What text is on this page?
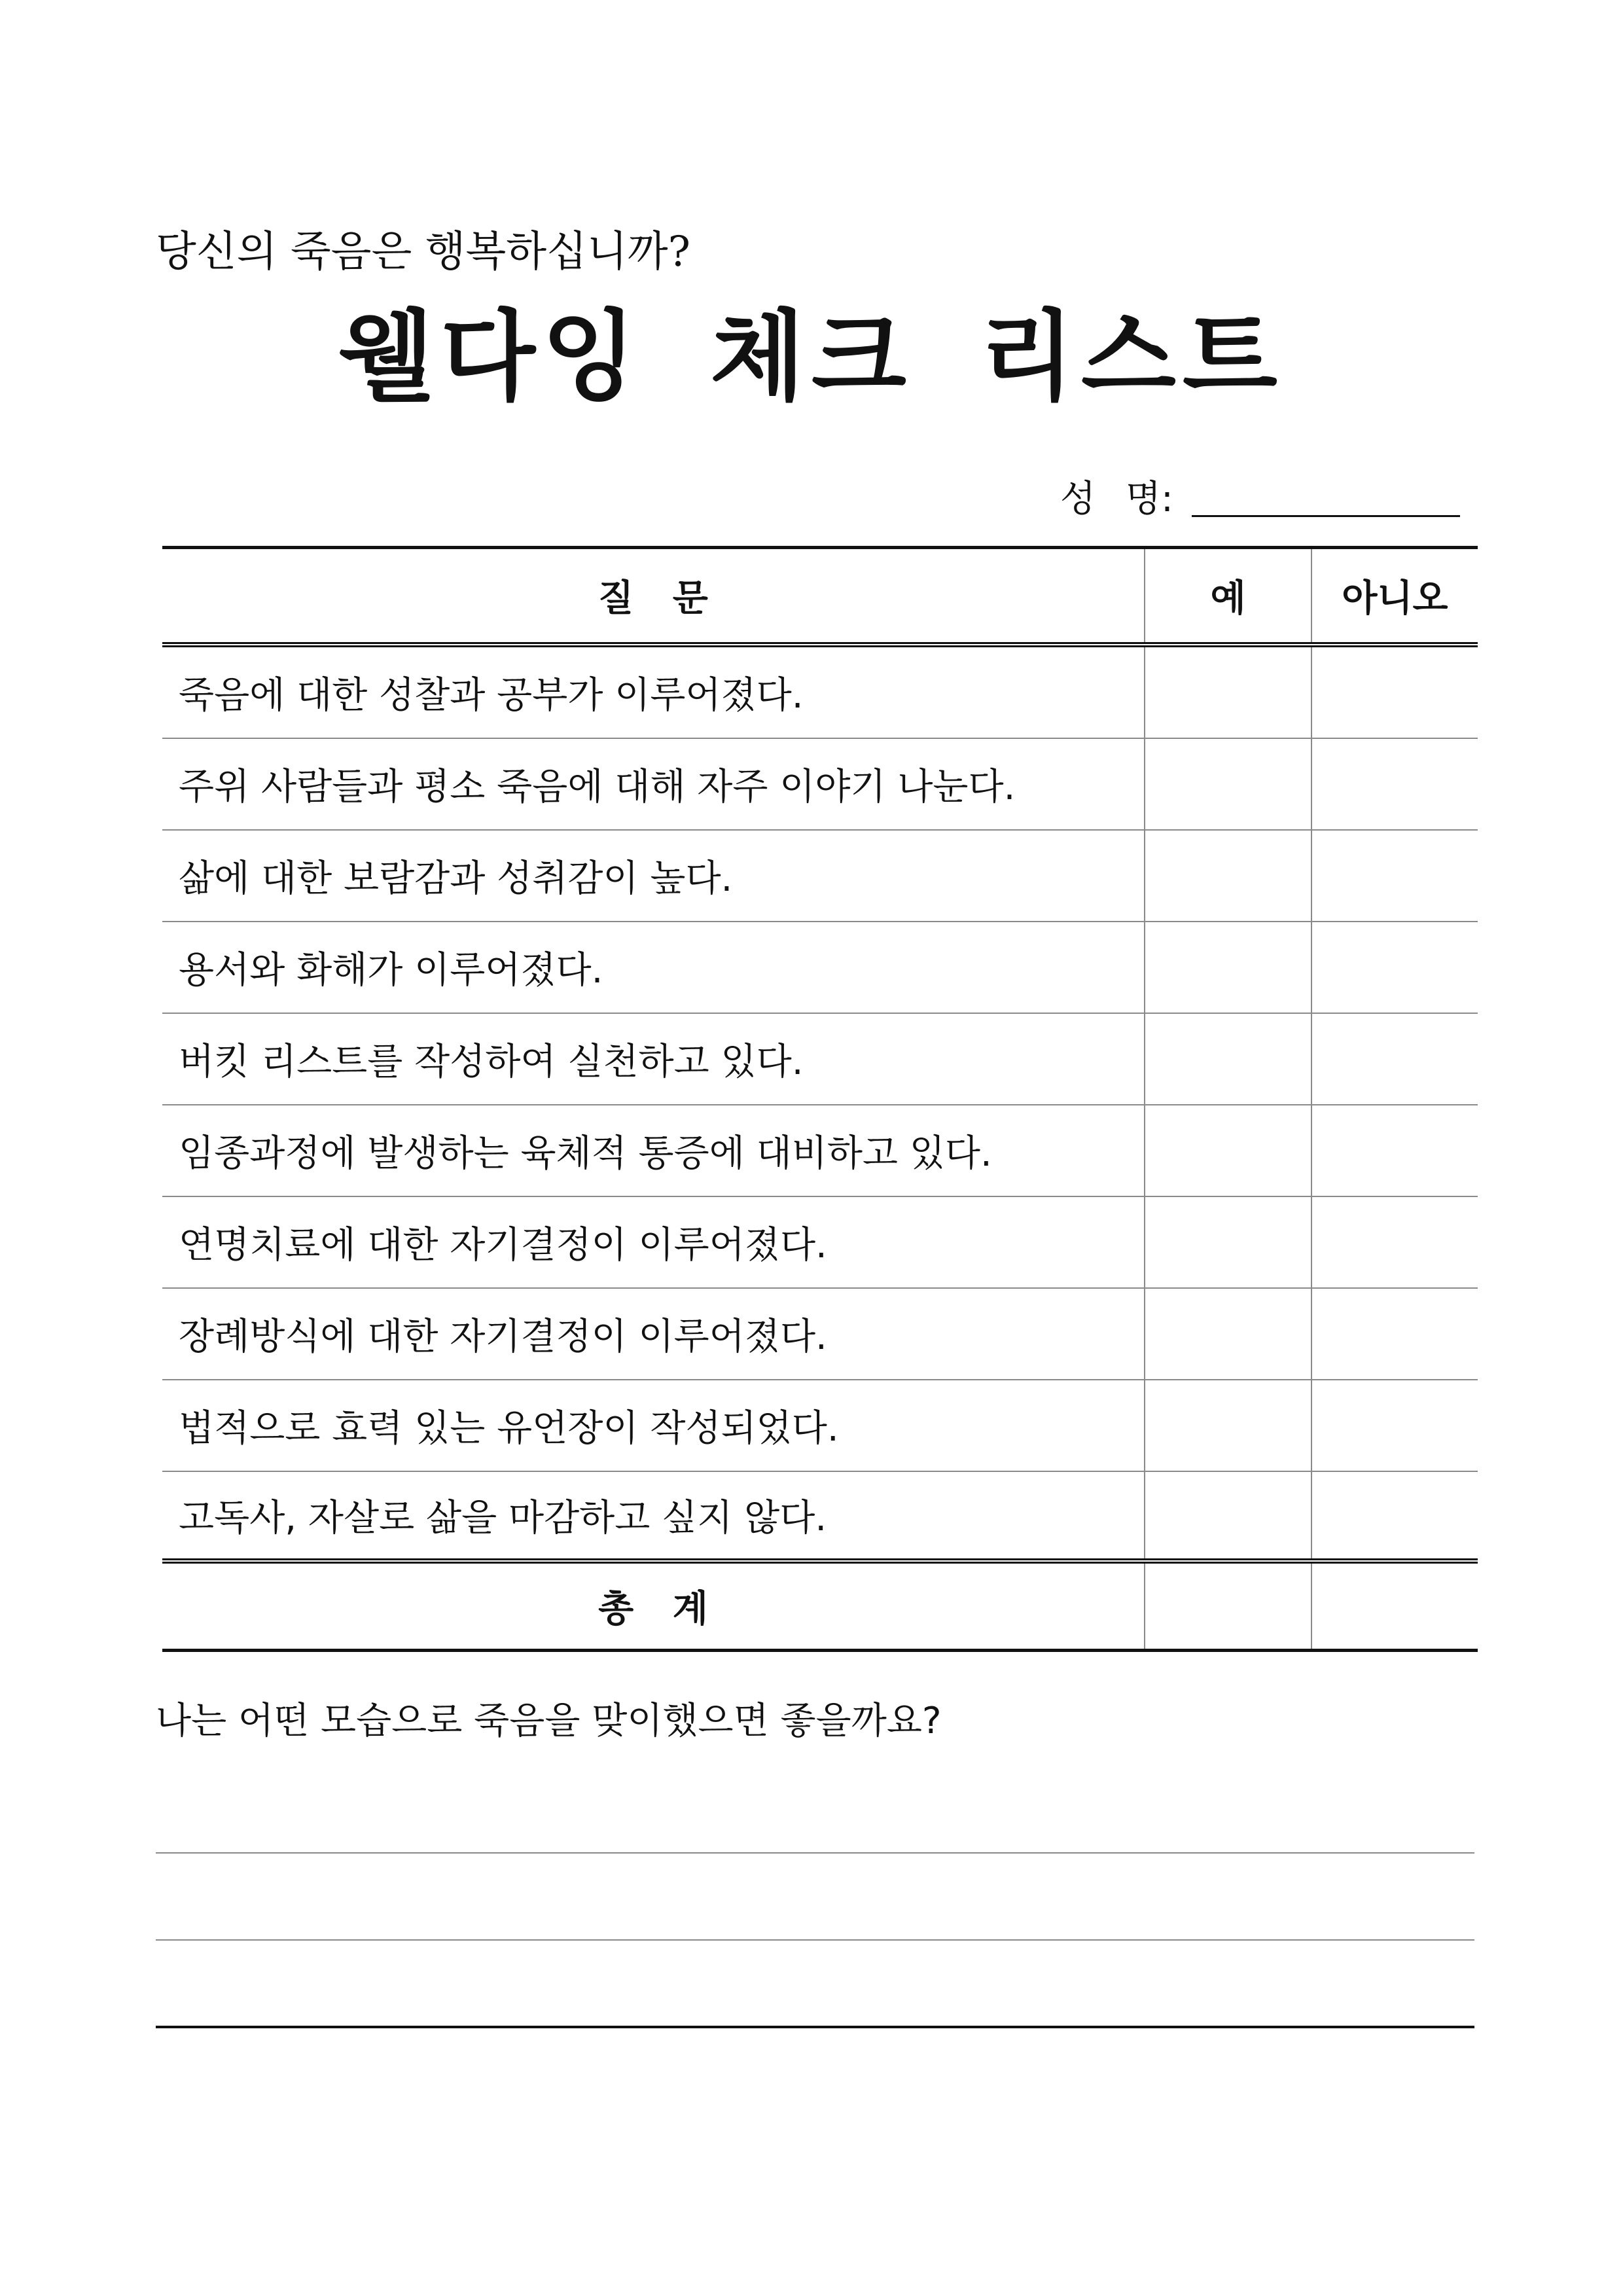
당신의 죽음은 행복하십니까?
웰다잉 체크 리스트
성 명:
질 문	예	아니오
죽음에 대한 성찰과 공부가 이루어졌다.
주위 사람들과 평소 죽음에 대해 자주 이야기 나눈다.
삶에 대한 보람감과 성취감이 높다.
용서와 화해가 이루어졌다.
버킷 리스트를 작성하여 실천하고 있다.
임종과정에 발생하는 육체적 통증에 대비하고 있다.
연명치료에 대한 자기결정이 이루어졌다.
장례방식에 대한 자기결정이 이루어졌다.
법적으로 효력 있는 유언장이 작성되었다.
고독사, 자살로 삶을 마감하고 싶지 않다.
총 계
나는 어떤 모습으로 죽음을 맞이했으면 좋을까요?
